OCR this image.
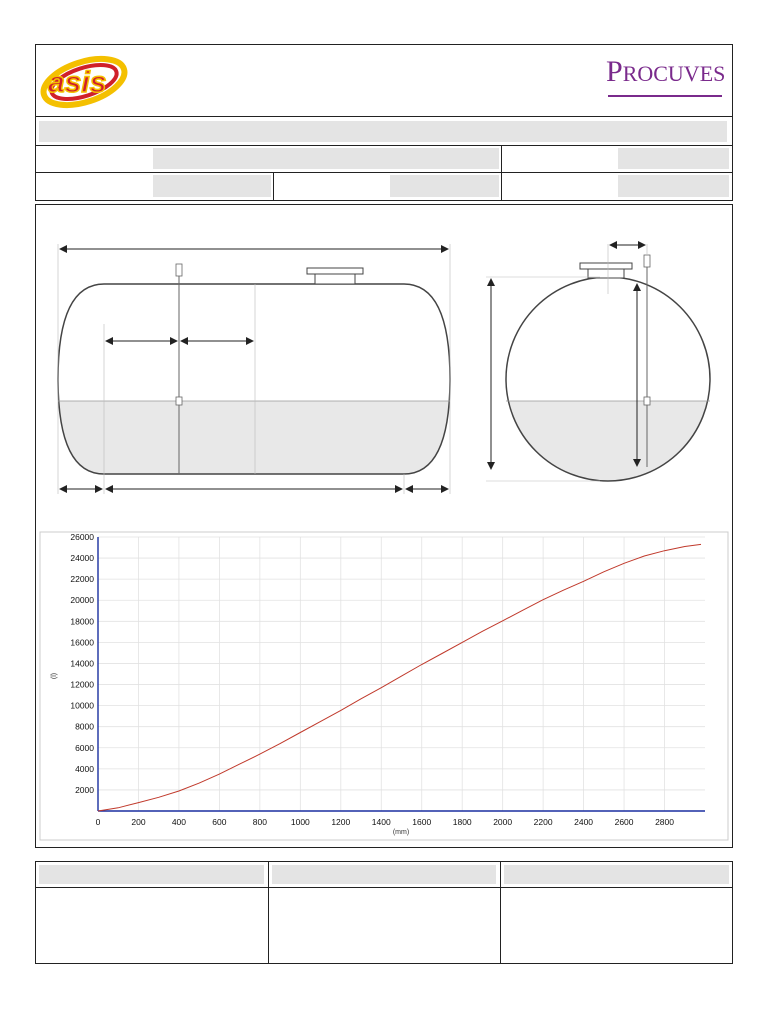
asis	PROCUVES
2000
4000
6000
8000
10000
12000
14000
16000
18000
20000
22000
24000
26000
0	200	400	600	800	1000	1200	1400	1600	1800	2000	2200	2400	2600	2800
(mm)
(l)
